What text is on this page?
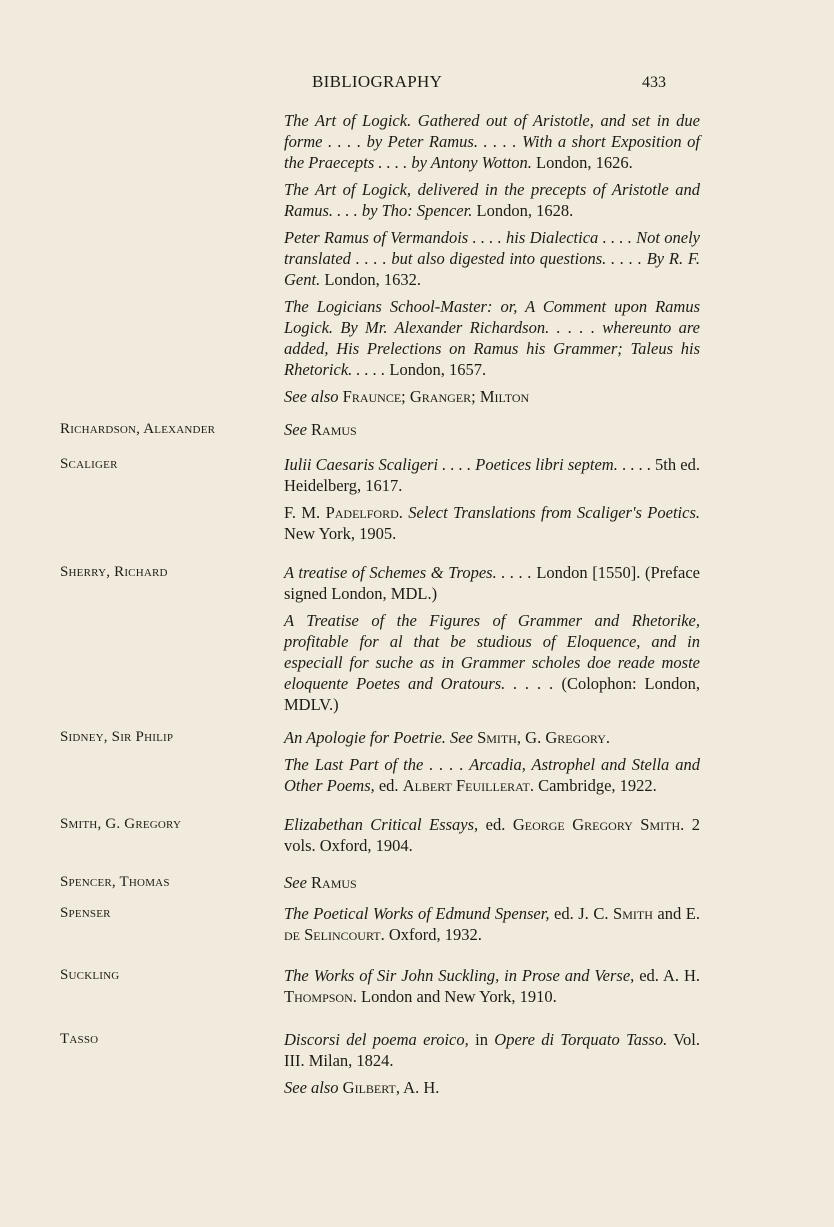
BIBLIOGRAPHY	433

The Art of Logick. Gathered out of Aristotle, and set in due forme . . . . by Peter Ramus. . . . . With a short Exposition of the Praecepts . . . . by Antony Wotton. London, 1626.

The Art of Logick, delivered in the precepts of Aristotle and Ramus. . . . by Tho: Spencer. London, 1628.

Peter Ramus of Vermandois . . . . his Dialectica . . . . Not onely translated . . . . but also digested into questions. . . . . By R. F. Gent. London, 1632.

The Logicians School-Master: or, A Comment upon Ramus Logick. By Mr. Alexander Richardson. . . . . whereunto are added, His Prelections on Ramus his Grammer; Taleus his Rhetorick. . . . . London, 1657.

See also Fraunce; Granger; Milton

Richardson, Alexander	See Ramus

Scaliger	Iulii Caesaris Scaligeri . . . . Poetices libri septem. . . . . 5th ed. Heidelberg, 1617.

F. M. Padelford. Select Translations from Scaliger's Poetics. New York, 1905.

Sherry, Richard	A treatise of Schemes & Tropes. . . . . London [1550]. (Preface signed London, MDL.)

A Treatise of the Figures of Grammer and Rhetorike, profitable for al that be studious of Eloquence, and in especiall for suche as in Grammer scholes doe reade moste eloquente Poetes and Oratours. . . . . (Colophon: London, MDLV.)

Sidney, Sir Philip	An Apologie for Poetrie. See Smith, G. Gregory.

The Last Part of the . . . . Arcadia, Astrophel and Stella and Other Poems, ed. Albert Feuillerat. Cambridge, 1922.

Smith, G. Gregory	Elizabethan Critical Essays, ed. George Gregory Smith. 2 vols. Oxford, 1904.

Spencer, Thomas	See Ramus

Spenser	The Poetical Works of Edmund Spenser, ed. J. C. Smith and E. de Selincourt. Oxford, 1932.

Suckling	The Works of Sir John Suckling, in Prose and Verse, ed. A. H. Thompson. London and New York, 1910.

Tasso	Discorsi del poema eroico, in Opere di Torquato Tasso. Vol. III. Milan, 1824.

See also Gilbert, A. H.
